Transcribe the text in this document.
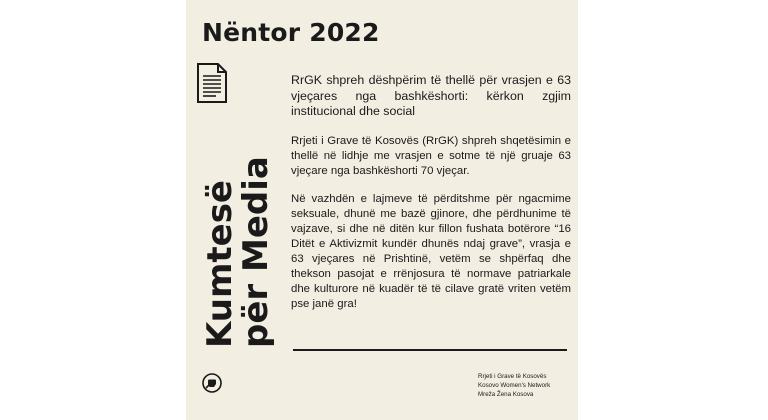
Nëntor 2022
Kumtesë
për Media

RrGK shpreh dëshpërim të thellë për vrasjen e 63 vjeçares nga bashkëshorti: kërkon zgjim institucional dhe social

Rrjeti i Grave të Kosovës (RrGK) shpreh shqetësimin e thellë në lidhje me vrasjen e sotme të një gruaje 63 vjeçare nga bashkëshorti 70 vjeçar.

Në vazhdën e lajmeve të përditshme për ngacmime seksuale, dhunë me bazë gjinore, dhe përdhunime të vajzave, si dhe në ditën kur fillon fushata botërore “16 Ditët e Aktivizmit kundër dhunës ndaj grave”, vrasja e 63 vjeçares në Prishtinë, vetëm se shpërfaq dhe thekson pasojat e rrënjosura të normave patriarkale dhe kulturore në kuadër të të cilave gratë vriten vetëm pse janë gra!

Rrjeti i Grave të Kosovës
Kosovo Women's Network
Mreža Žena Kosova
